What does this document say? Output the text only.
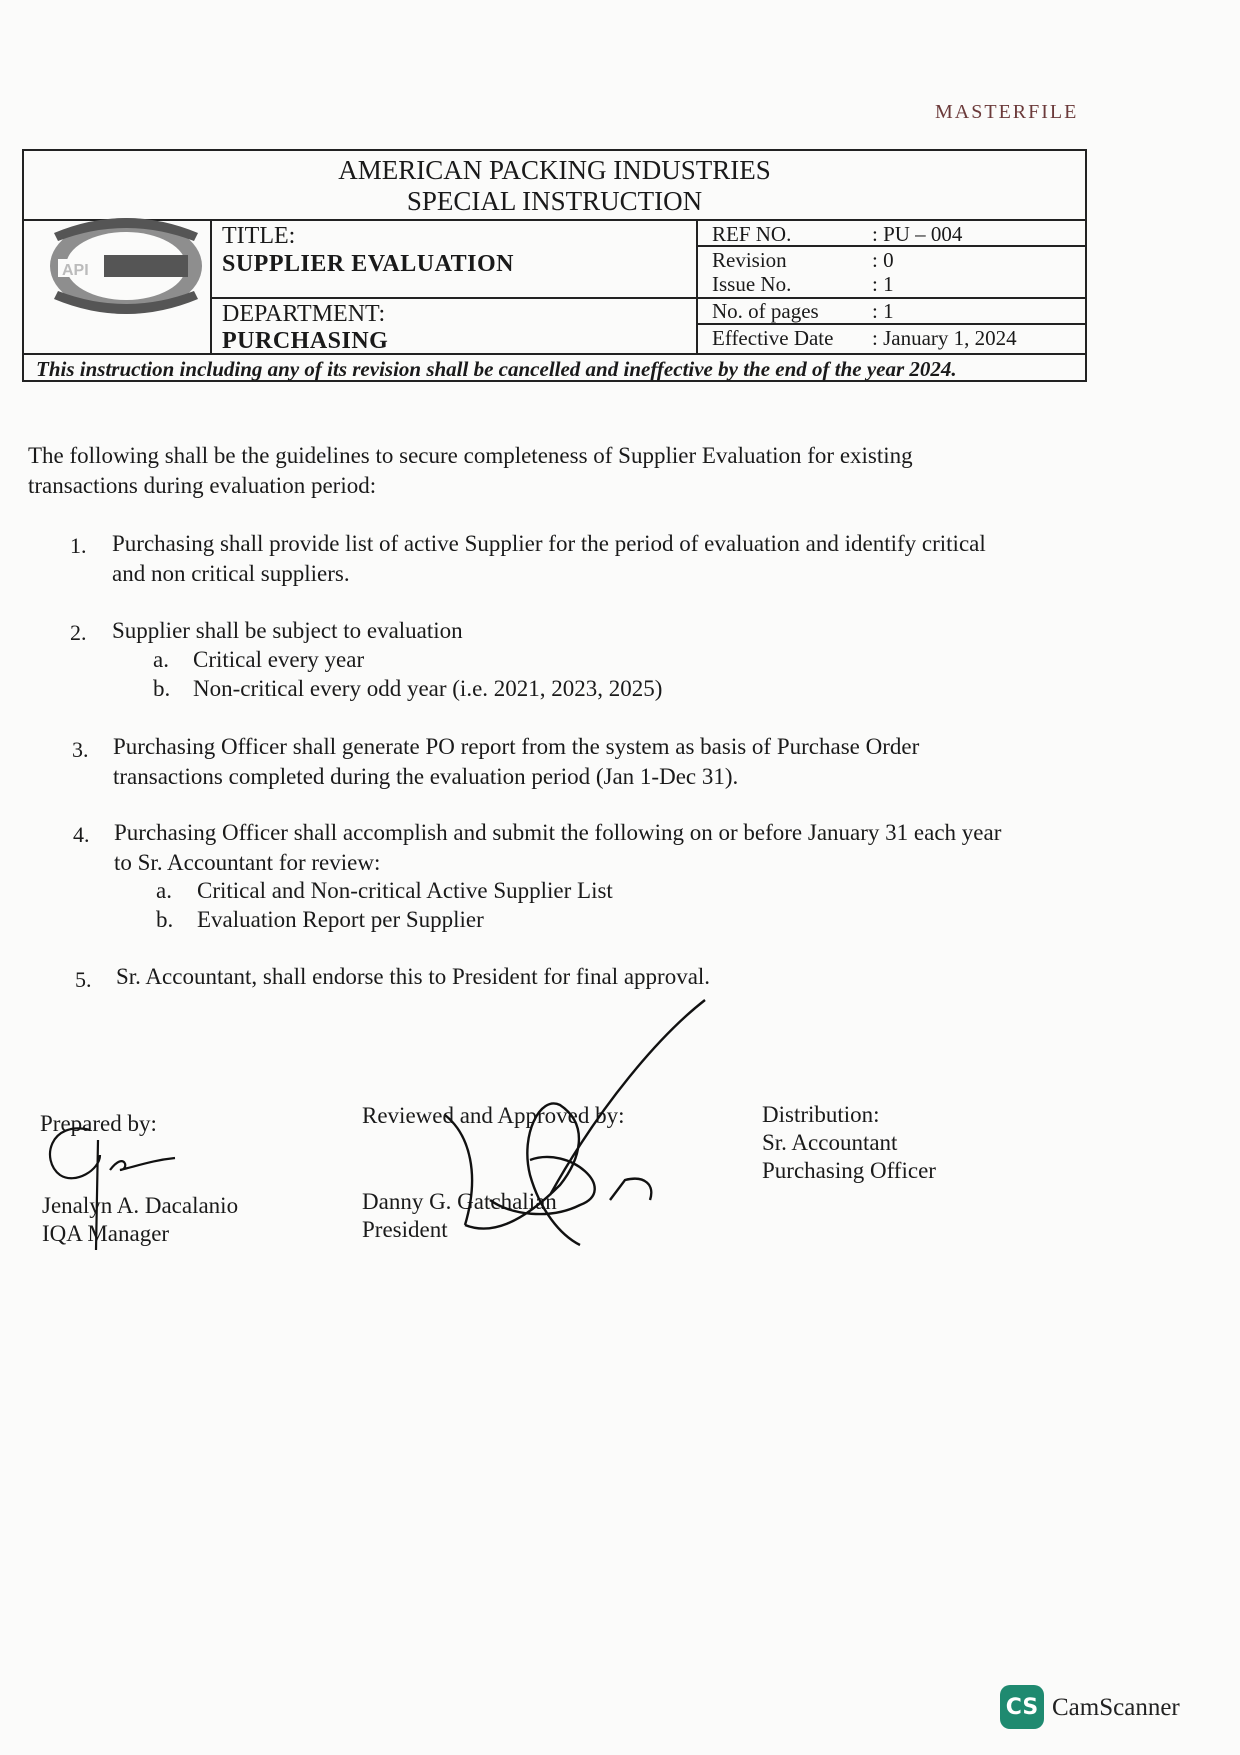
MASTERFILE
AMERICAN PACKING INDUSTRIES
SPECIAL INSTRUCTION
API
TITLE:
SUPPLIER EVALUATION
DEPARTMENT:
PURCHASING
REF NO.	: PU – 004
Revision	: 0
Issue No.	: 1
No. of pages	: 1
Effective Date : January 1, 2024
This instruction including any of its revision shall be cancelled and ineffective by the end of the year 2024.
The following shall be the guidelines to secure completeness of Supplier Evaluation for existing
transactions during evaluation period:
1. Purchasing shall provide list of active Supplier for the period of evaluation and identify critical
and non critical suppliers.
2. Supplier shall be subject to evaluation
a. Critical every year
b. Non-critical every odd year (i.e. 2021, 2023, 2025)
3. Purchasing Officer shall generate PO report from the system as basis of Purchase Order
transactions completed during the evaluation period (Jan 1-Dec 31).
4. Purchasing Officer shall accomplish and submit the following on or before January 31 each year
to Sr. Accountant for review:
a. Critical and Non-critical Active Supplier List
b. Evaluation Report per Supplier
5. Sr. Accountant, shall endorse this to President for final approval.
Prepared by:
Jenalyn A. Dacalanio
IQA Manager
Reviewed and Approved by:
Danny G. Gatchalian
President
Distribution:
Sr. Accountant
Purchasing Officer
CS CamScanner
